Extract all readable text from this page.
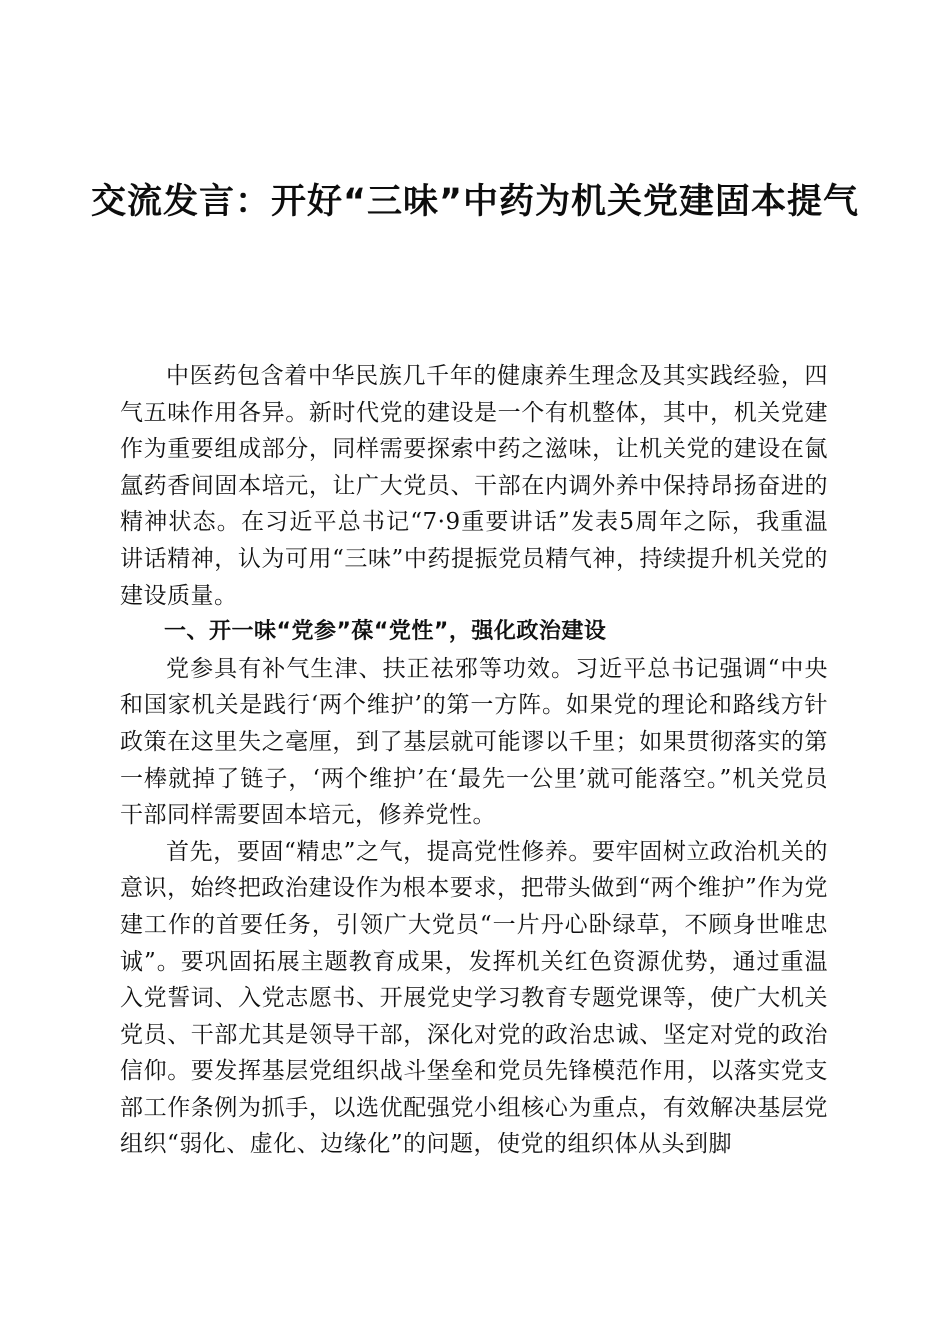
交流发言：开好“三味”中药为机关党建固本提气

中医药包含着中华民族几千年的健康养生理念及其实践经验，四气五味作用各异。新时代党的建设是一个有机整体，其中，机关党建作为重要组成部分，同样需要探索中药之滋味，让机关党的建设在氤氲药香间固本培元，让广大党员、干部在内调外养中保持昂扬奋进的精神状态。在习近平总书记“7·9重要讲话”发表5周年之际，我重温讲话精神，认为可用“三味”中药提振党员精气神，持续提升机关党的建设质量。

一、开一味“党参”葆“党性”，强化政治建设

党参具有补气生津、扶正祛邪等功效。习近平总书记强调“中央和国家机关是践行‘两个维护’的第一方阵。如果党的理论和路线方针政策在这里失之毫厘，到了基层就可能谬以千里；如果贯彻落实的第一棒就掉了链子，‘两个维护’在‘最先一公里’就可能落空。”机关党员干部同样需要固本培元，修养党性。

首先，要固“精忠”之气，提高党性修养。要牢固树立政治机关的意识，始终把政治建设作为根本要求，把带头做到“两个维护”作为党建工作的首要任务，引领广大党员“一片丹心卧绿草，不顾身世唯忠诚”。要巩固拓展主题教育成果，发挥机关红色资源优势，通过重温入党誓词、入党志愿书、开展党史学习教育专题党课等，使广大机关党员、干部尤其是领导干部，深化对党的政治忠诚、坚定对党的政治信仰。要发挥基层党组织战斗堡垒和党员先锋模范作用，以落实党支部工作条例为抓手，以选优配强党小组核心为重点，有效解决基层党组织“弱化、虚化、边缘化”的问题，使党的组织体从头到脚
